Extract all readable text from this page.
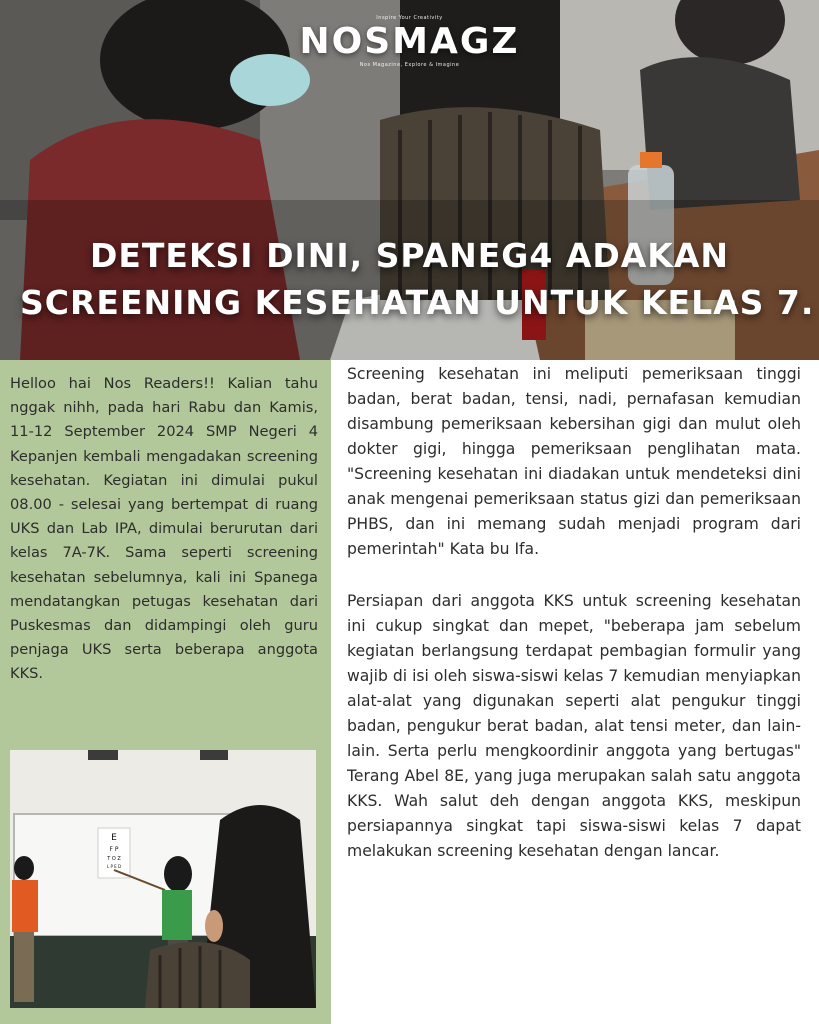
Inspire Your Creativity
NOSMAGZ
Nos Magazine, Explore & Imagine
DETEKSI DINI, SPANEG4 ADAKAN
SCREENING KESEHATAN UNTUK KELAS 7.

Helloo hai Nos Readers!! Kalian tahu nggak nihh, pada hari Rabu dan Kamis, 11-12 September 2024 SMP Negeri 4 Kepanjen kembali mengadakan screening kesehatan. Kegiatan ini dimulai pukul 08.00 - selesai yang bertempat di ruang UKS dan Lab IPA, dimulai berurutan dari kelas 7A-7K. Sama seperti screening kesehatan sebelumnya, kali ini Spanega mendatangkan petugas kesehatan dari Puskesmas dan didampingi oleh guru penjaga UKS serta beberapa anggota KKS.

E
F P
T O Z
L P E D

Screening kesehatan ini meliputi pemeriksaan tinggi badan, berat badan, tensi, nadi, pernafasan kemudian disambung pemeriksaan kebersihan gigi dan mulut oleh dokter gigi, hingga pemeriksaan penglihatan mata. "Screening kesehatan ini diadakan untuk mendeteksi dini anak mengenai pemeriksaan status gizi dan pemeriksaan PHBS, dan ini memang sudah menjadi program dari pemerintah" Kata bu Ifa.

Persiapan dari anggota KKS untuk screening kesehatan ini cukup singkat dan mepet, "beberapa jam sebelum kegiatan berlangsung terdapat pembagian formulir yang wajib di isi oleh siswa-siswi kelas 7 kemudian menyiapkan alat-alat yang digunakan seperti alat pengukur tinggi badan, pengukur berat badan, alat tensi meter, dan lain-lain. Serta perlu mengkoordinir anggota yang bertugas" Terang Abel 8E, yang juga merupakan salah satu anggota KKS. Wah salut deh dengan anggota KKS, meskipun persiapannya singkat tapi siswa-siswi kelas 7 dapat melakukan screening kesehatan dengan lancar.
